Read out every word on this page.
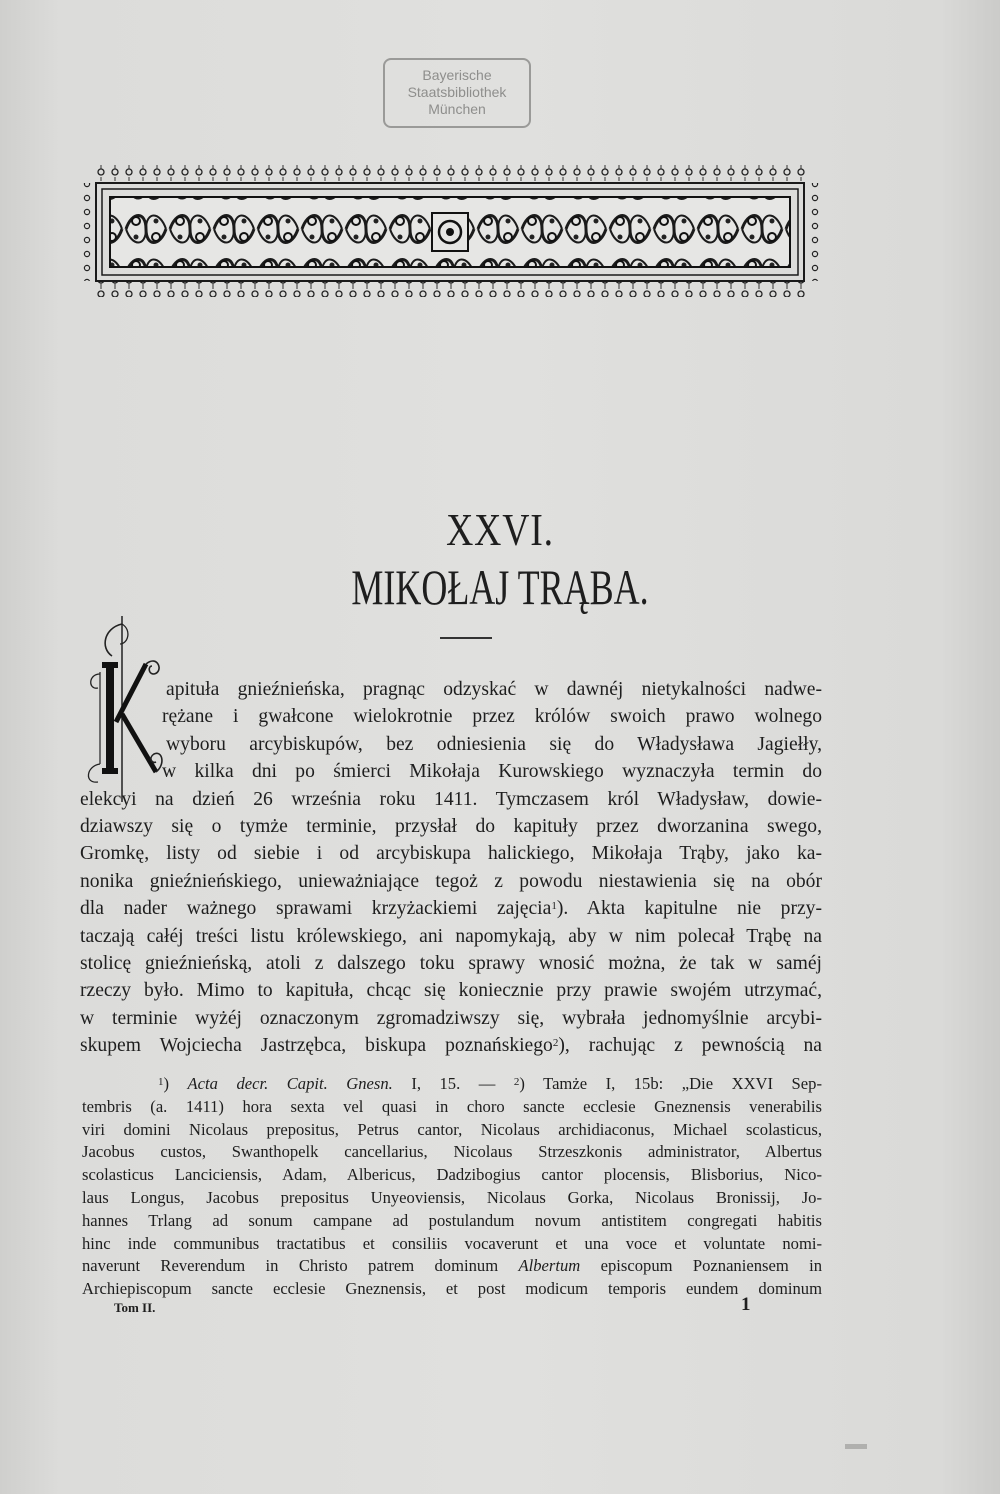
Bayerische
Staatsbibliothek
München
XXVI.
MIKOŁAJ TRĄBA.
apituła gnieźnieńska, pragnąc odzyskać w dawnéj nietykalności nadwe-
rężane i gwałcone wielokrotnie przez królów swoich prawo wolnego
wyboru arcybiskupów, bez odniesienia się do Władysława Jagiełły,
w kilka dni po śmierci Mikołaja Kurowskiego wyznaczyła termin do
elekcyi na dzień 26 września roku 1411. Tymczasem król Władysław, dowie-
dziawszy się o tymże terminie, przysłał do kapituły przez dworzanina swego,
Gromkę, listy od siebie i od arcybiskupa halickiego, Mikołaja Trąby, jako ka-
nonika gnieźnieńskiego, unieważniające tegoż z powodu niestawienia się na obór
dla nader ważnego sprawami krzyżackiemi zajęcia$^1$). Akta kapitulne nie przy-
taczają całéj treści listu królewskiego, ani napomykają, aby w nim polecał Trąbę na
stolicę gnieźnieńską, atoli z dalszego toku sprawy wnosić można, że tak w saméj
rzeczy było. Mimo to kapituła, chcąc się koniecznie przy prawie swojém utrzymać,
w terminie wyżéj oznaczonym zgromadziwszy się, wybrała jednomyślnie arcybi-
skupem Wojciecha Jastrzębca, biskupa poznańskiego$^2$), rachując z pewnością na
$^1$) Acta decr. Capit. Gnesn. I, 15. — $^2$) Tamże I, 15b: „Die XXVI Sep-
tembris (a. 1411) hora sexta vel quasi in choro sancte ecclesie Gneznensis venerabilis
viri domini Nicolaus prepositus, Petrus cantor, Nicolaus archidiaconus, Michael scolasticus,
Jacobus custos, Swanthopelk cancellarius, Nicolaus Strzeszkonis administrator, Albertus
scolasticus Lanciciensis, Adam, Albericus, Dadzibogius cantor plocensis, Blisborius, Nico-
laus Longus, Jacobus prepositus Unyeoviensis, Nicolaus Gorka, Nicolaus Bronissij, Jo-
hannes Trlang ad sonum campane ad postulandum novum antistitem congregati habitis
hinc inde communibus tractatibus et consiliis vocaverunt et una voce et voluntate nomi-
naverunt Reverendum in Christo patrem dominum Albertum episcopum Poznaniensem in
Archiepiscopum sancte ecclesie Gneznensis, et post modicum temporis eundem dominum
Tom II.	1
